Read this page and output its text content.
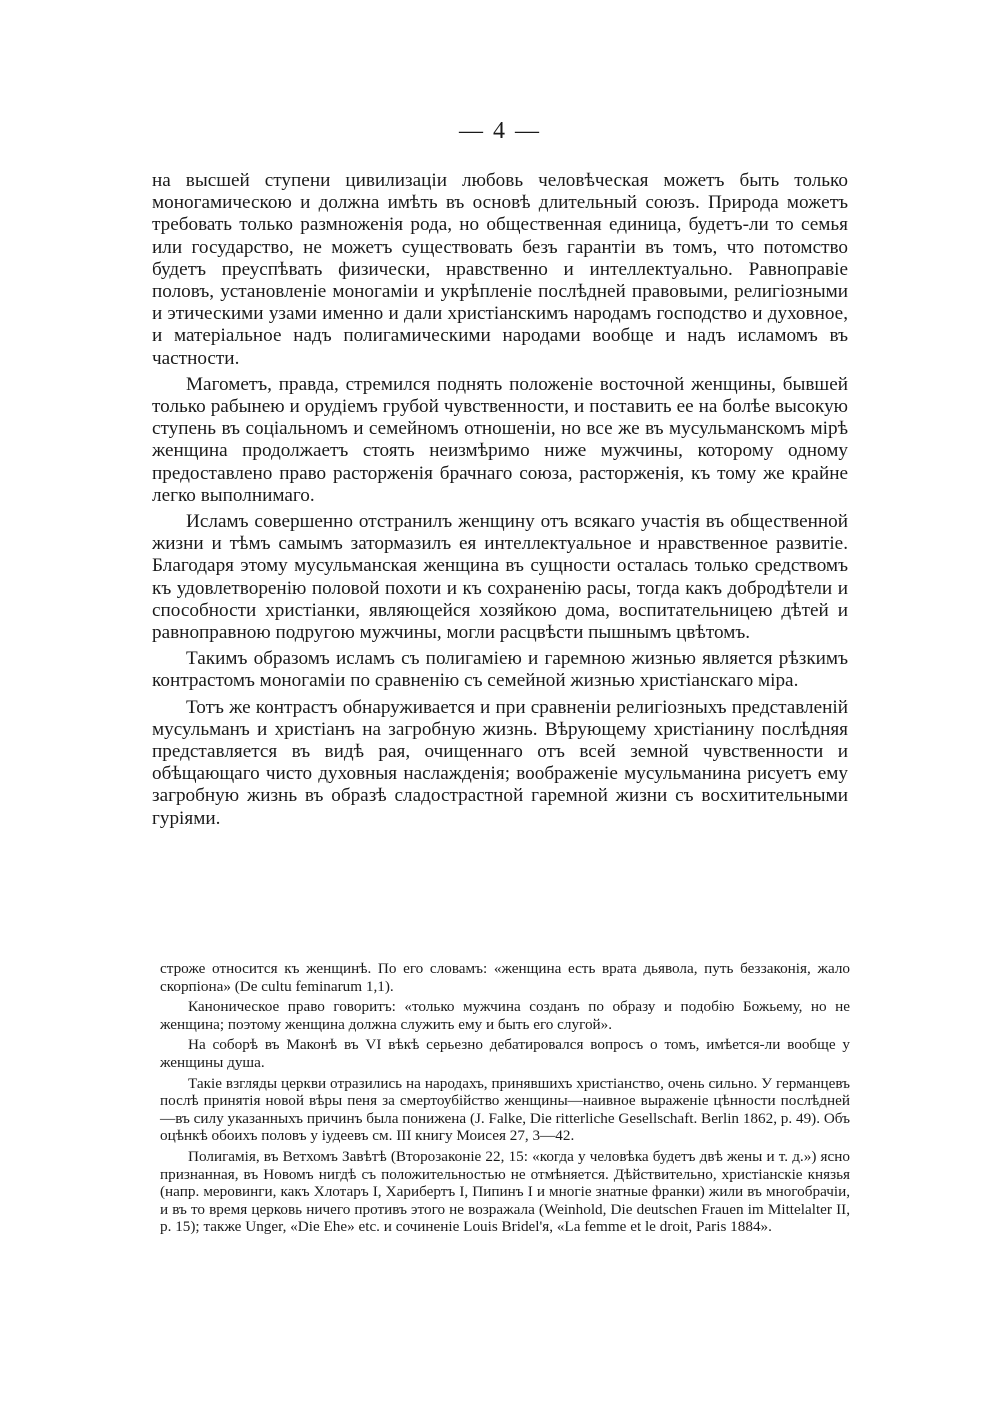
— 4 —

на высшей ступени цивилизацiи любовь человѣческая можетъ быть только моногамическою и должна имѣть въ основѣ длительный союзъ. Природа можетъ требовать только размноженiя рода, но общественная единица, будетъ-ли то семья или государство, не можетъ существовать безъ гарантiи въ томъ, что потомство будетъ преуспѣвать физически, нравственно и интеллектуально. Равноправiе половъ, установленiе моногамiи и укрѣпленiе послѣдней правовыми, религiозными и этическими узами именно и дали христiанскимъ народамъ господство и духовное, и матерiальное надъ полигамическими народами вообще и надъ исламомъ въ частности.

Магометъ, правда, стремился поднять положенiе восточной женщины, бывшей только рабынею и орудiемъ грубой чувственности, и поставить ее на болѣе высокую ступень въ соцiальномъ и семейномъ отношенiи, но все же въ мусульманскомъ мiрѣ женщина продолжаетъ стоять неизмѣримо ниже мужчины, которому одному предоставлено право расторженiя брачнаго союза, расторженiя, къ тому же крайне легко выполнимаго.

Исламъ совершенно отстранилъ женщину отъ всякаго участiя въ общественной жизни и тѣмъ самымъ затормазилъ ея интеллектуальное и нравственное развитiе. Благодаря этому мусульманская женщина въ сущности осталась только средствомъ къ удовлетворенiю половой похоти и къ сохраненiю расы, тогда какъ добродѣтели и способности христiанки, являющейся хозяйкою дома, воспитательницею дѣтей и равноправною подругою мужчины, могли расцвѣсти пышнымъ цвѣтомъ.

Такимъ образомъ исламъ съ полигамiею и гаремною жизнью является рѣзкимъ контрастомъ моногамiи по сравненiю съ семейной жизнью христiанскаго мiра.

Тотъ же контрастъ обнаруживается и при сравненiи религiозныхъ представленiй мусульманъ и христiанъ на загробную жизнь. Вѣрующему христiанину послѣдняя представляется въ видѣ рая, очищеннаго отъ всей земной чувственности и обѣщающаго чисто духовныя наслажденiя; воображенiе мусульманина рисуетъ ему загробную жизнь въ образѣ сладострастной гаремной жизни съ восхитительными гурiями.

строже относится къ женщинѣ. По его словамъ: «женщина есть врата дьявола, путь беззаконiя, жало скорпiона» (De cultu feminarum 1,1).

Каноническое право говоритъ: «только мужчина созданъ по образу и подобiю Божьему, но не женщина; поэтому женщина должна служить ему и быть его слугой».

На соборѣ въ Маконѣ въ VI вѣкѣ серьезно дебатировался вопросъ о томъ, имѣется-ли вообще у женщины душа.

Такiе взгляды церкви отразились на народахъ, принявшихъ христiанство, очень сильно. У германцевъ послѣ принятiя новой вѣры пеня за смертоубiйство женщины—наивное выраженiе цѣнности послѣдней—въ силу указанныхъ причинъ была понижена (J. Falke, Die ritterliche Gesellschaft. Berlin 1862, p. 49). Объ оцѣнкѣ обоихъ половъ у iудеевъ см. III книгу Моисея 27, 3—42.

Полигамiя, въ Ветхомъ Завѣтѣ (Второзаконiе 22, 15: «когда у человѣка будетъ двѣ жены и т. д.») ясно признанная, въ Новомъ нигдѣ съ положительностью не отмѣняется. Дѣйствительно, христiанскiе князья (напр. меровинги, какъ Хлотаръ I, Харибертъ I, Пипинъ I и многiе знатные франки) жили въ многобрачiи, и въ то время церковь ничего противъ этого не возражала (Weinhold, Die deutschen Frauen im Mittelalter II, p. 15); также Unger, «Die Ehe» etc. и сочиненiе Louis Bridel'я, «La femme et le droit, Paris 1884».
